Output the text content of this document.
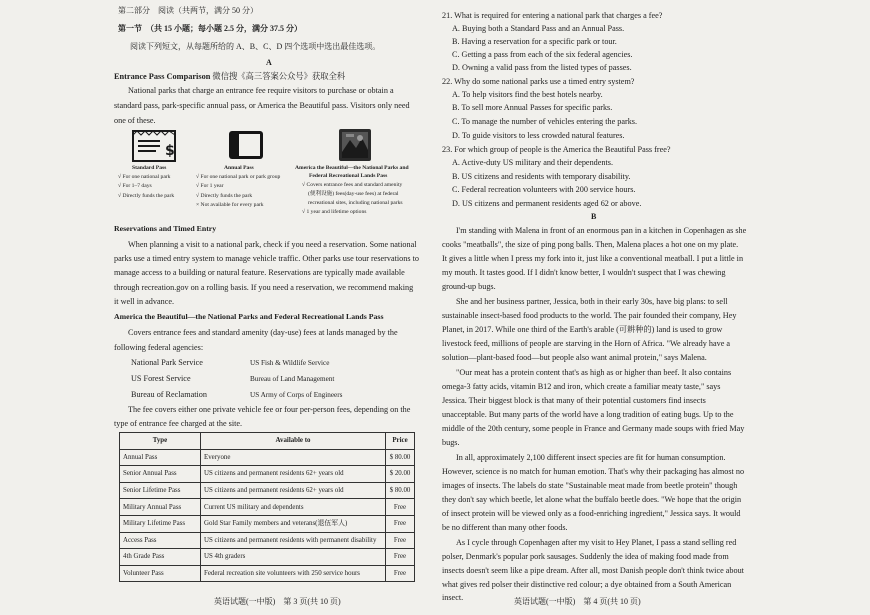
第二部分　阅读（共两节，满分 50 分）
第一节　（共 15 小题；每小题 2.5 分，满分 37.5 分）
阅读下列短文，从每题所给的 A、B、C、D 四个选项中选出最佳选项。
A
Entrance Pass Comparison 微信搜《高三答案公众号》获取全科
National parks that charge an entrance fee require visitors to purchase or obtain a
standard pass, park-specific annual pass, or America the Beautiful pass. Visitors only need
one of these.
$
Standard Pass
√ For one national park
√ For 1–7 days
√ Directly funds the park
Annual Pass
√ For one national park or park group
√ For 1 year
√ Directly funds the park
× Not available for every park
America the Beautiful—the National Parks and
Federal Recreational Lands Pass
√ Covers entrance fees and standard amenity
(便利设施) fees(day-use fees) at federal
recreational sites, including national parks
√ 1 year and lifetime options
Reservations and Timed Entry
When planning a visit to a national park, check if you need a reservation. Some national
parks use a timed entry system to manage vehicle traffic. Other parks use tour reservations to
manage access to a building or natural feature. Reservations are typically made available
through recreation.gov on a rolling basis. If you need a reservation, we recommend making
it well in advance.
America the Beautiful—the National Parks and Federal Recreational Lands Pass
Covers entrance fees and standard amenity (day-use) fees at lands managed by the
following federal agencies:
National Park Service	US Fish & Wildlife Service
US Forest Service	Bureau of Land Management
Bureau of Reclamation	US Army of Corps of Engineers
The fee covers either one private vehicle fee or four per-person fees, depending on the
type of entrance fee charged at the site.
Type	Available to	Price
Annual Pass	Everyone	$ 80.00
Senior Annual Pass	US citizens and permanent residents 62+ years old	$ 20.00
Senior Lifetime Pass	US citizens and permanent residents 62+ years old	$ 80.00
Military Annual Pass	Current US military and dependents	Free
Military Lifetime Pass	Gold Star Family members and veterans(退伍军人)	Free
Access Pass	US citizens and permanent residents with permanent disability	Free
4th Grade Pass	US 4th graders	Free
Volunteer Pass	Federal recreation site volunteers with 250 service hours	Free
英语试题(一中版)　第 3 页(共 10 页)
21. What is required for entering a national park that charges a fee?
A. Buying both a Standard Pass and an Annual Pass.
B. Having a reservation for a specific park or tour.
C. Getting a pass from each of the six federal agencies.
D. Owning a valid pass from the listed types of passes.
22. Why do some national parks use a timed entry system?
A. To help visitors find the best hotels nearby.
B. To sell more Annual Passes for specific parks.
C. To manage the number of vehicles entering the parks.
D. To guide visitors to less crowded natural features.
23. For which group of people is the America the Beautiful Pass free?
A. Active-duty US military and their dependents.
B. US citizens and residents with temporary disability.
C. Federal recreation volunteers with 200 service hours.
D. US citizens and permanent residents aged 62 or above.
B
I'm standing with Malena in front of an enormous pan in a kitchen in Copenhagen as she
cooks "meatballs", the size of ping pong balls. Then, Malena places a hot one on my plate.
It gives a little when I press my fork into it, just like a conventional meatball. I put a little in
my mouth. It tastes good. If I didn't know better, I wouldn't suspect that I was chewing
ground-up bugs.
She and her business partner, Jessica, both in their early 30s, have big plans: to sell
sustainable insect-based food products to the world. The pair founded their company, Hey
Planet, in 2017. While one third of the Earth's arable (可耕种的) land is used to grow
livestock feed, millions of people are starving in the Horn of Africa. "We already have a
solution—plant-based food—but people also want animal protein," says Malena.
"Our meat has a protein content that's as high as or higher than beef. It also contains
omega-3 fatty acids, vitamin B12 and iron, which create a familiar meaty taste," says
Jessica. Their biggest block is that many of their potential customers find insects
unacceptable. But many parts of the world have a long tradition of eating bugs. Up to the
middle of the 20th century, some people in France and Germany made soups with fried May
bugs.
In all, approximately 2,100 different insect species are fit for human consumption.
However, science is no match for human emotion. That's why their packaging has almost no
images of insects. The labels do state "Sustainable meat made from beetle protein" though
they don't say which beetle, let alone what the buffalo beetle does. "We hope that the origin
of insect protein will be viewed only as a food-enriching ingredient," Jessica says. It would
be no different than many other foods.
As I cycle through Copenhagen after my visit to Hey Planet, I pass a stand selling red
polser, Denmark's popular pork sausages. Suddenly the idea of making food made from
insects doesn't seem like a pipe dream. After all, most Danish people don't think twice about
what gives red polser their distinctive red colour; a dye obtained from a South American
insect.	英语试题(一中版)　第 4 页(共 10 页)
